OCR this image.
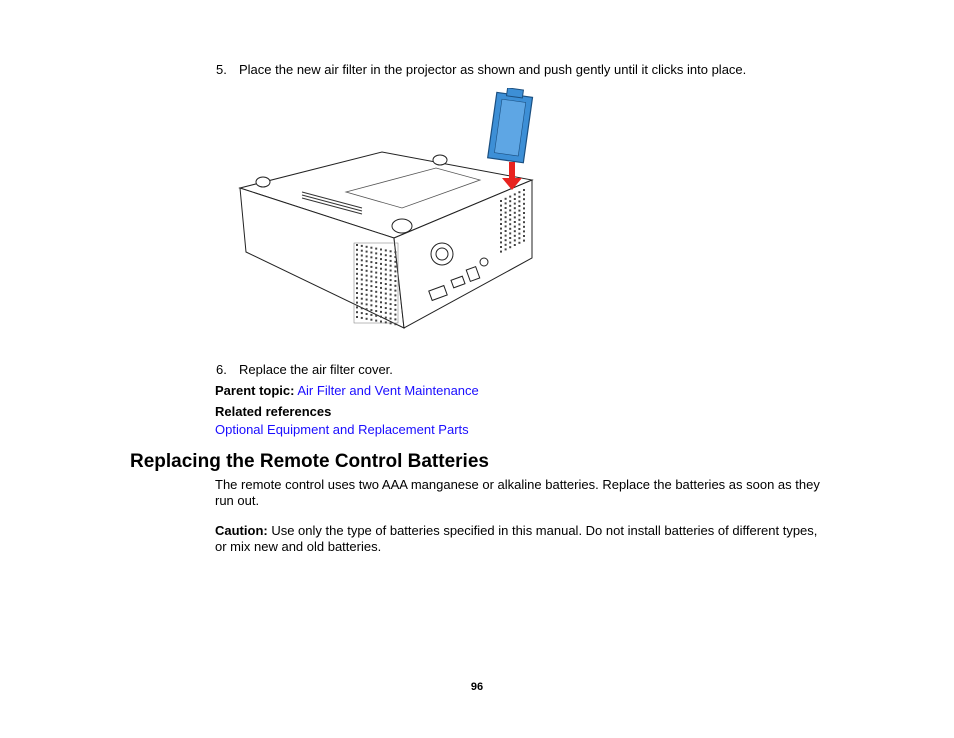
5. Place the new air filter in the projector as shown and push gently until it clicks into place.
6. Replace the air filter cover.
Parent topic: Air Filter and Vent Maintenance
Related references
Optional Equipment and Replacement Parts
Replacing the Remote Control Batteries
The remote control uses two AAA manganese or alkaline batteries. Replace the batteries as soon as they run out.
Caution: Use only the type of batteries specified in this manual. Do not install batteries of different types, or mix new and old batteries.
96
